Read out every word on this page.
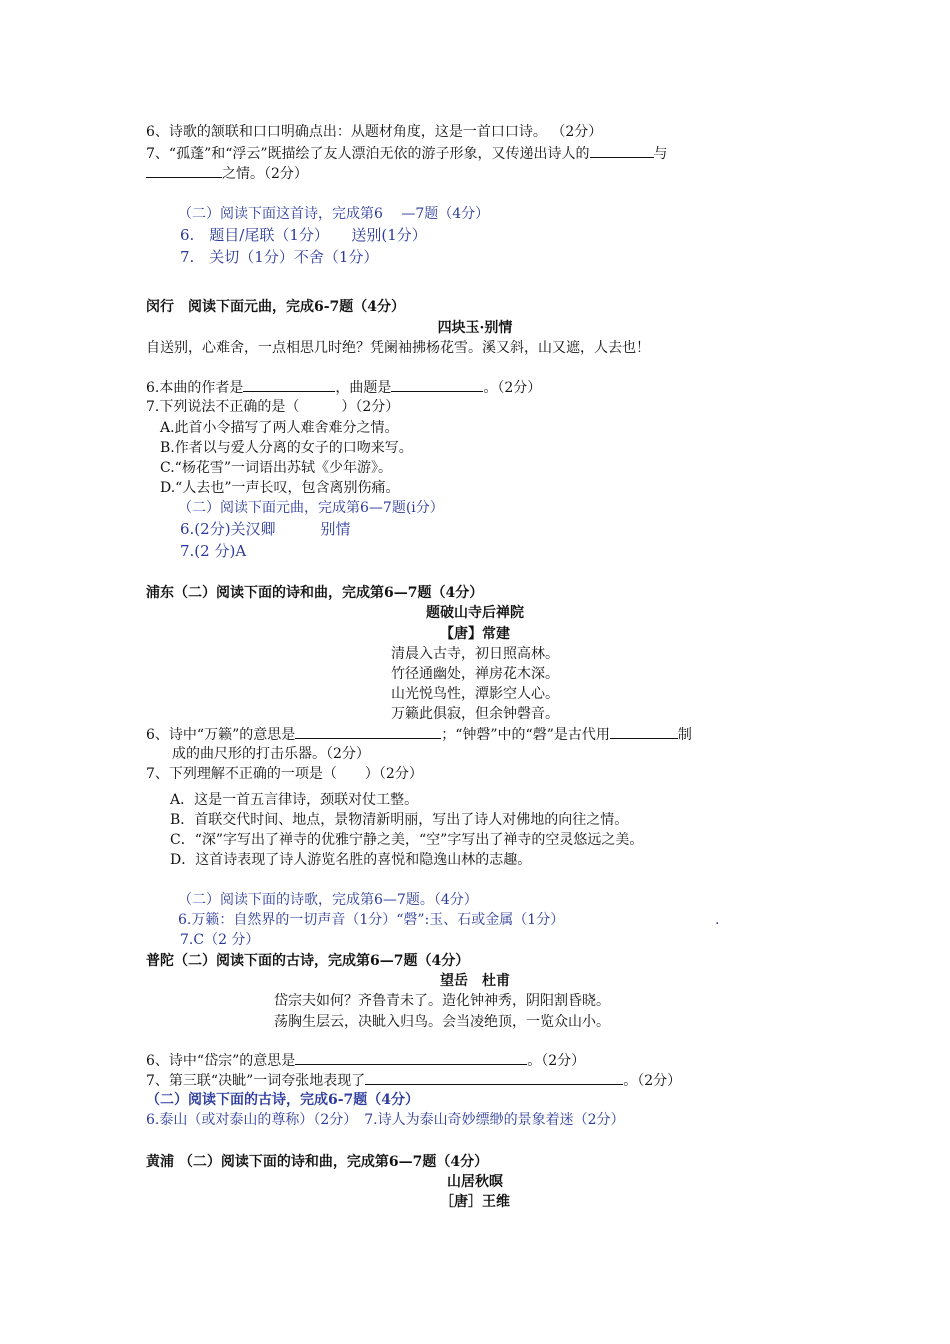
6、诗歌的颔联和口口明确点出：从题材角度，这是一首口口诗。 （2分）
7、“孤蓬”和“浮云”既描绘了友人漂泊无依的游子形象，又传递出诗人的	与
之情。（2分）
（二）阅读下面这首诗，完成第6　 —7题（4分）
6.　题目/尾联（1分）　　送别(1分）
7.　关切（1分）不舍（1分）
闵行　阅读下面元曲，完成6-7题（4分）
四块玉·别情
自送别，心难舍，一点相思几时绝？凭阑袖拂杨花雪。溪又斜，山又遮，人去也！
6.本曲的作者是	，曲题是	。（2分）
7.下列说法不正确的是（　　　）（2分）
A.此首小令描写了两人难舍难分之情。
B.作者以与爱人分离的女子的口吻来写。
C.“杨花雪”一词语出苏轼《少年游》。
D.“人去也”一声长叹，包含离别伤痛。
（二）阅读下面元曲，完成第6—7题(i分）
6.(2分)关汉卿　　　别情
7.(2 分)A
浦东（二）阅读下面的诗和曲，完成第6—7题（4分）
题破山寺后禅院
【唐】常建
清晨入古寺，初日照高林。
竹径通幽处，禅房花木深。
山光悦鸟性，潭影空人心。
万籁此俱寂，但余钟磬音。
6、诗中“万籁”的意思是	；“钟磬”中的“磬”是古代用	制
成的曲尺形的打击乐器。（2分）
7、下列理解不正确的一项是（　　）（2分）
A．这是一首五言律诗，颈联对仗工整。
B．首联交代时间、地点，景物清新明丽，写出了诗人对佛地的向往之情。
C．“深”字写出了禅寺的优雅宁静之美，“空”字写出了禅寺的空灵悠远之美。
D．这首诗表现了诗人游览名胜的喜悦和隐逸山林的志趣。
（二）阅读下面的诗歌，完成第6—7题。（4分）
6.万籁：自然界的一切声音（1分）“磬”:玉、石或金属（1分）	.
7.C（2 分）
普陀（二）阅读下面的古诗，完成第6—7题（4分）
望岳　杜甫
岱宗夫如何？齐鲁青未了。造化钟神秀，阴阳割昏晓。
荡胸生层云，决眦入归鸟。会当凌绝顶，一览众山小。
6、诗中“岱宗”的意思是	。（2分）
7、第三联“决眦”一词夸张地表现了	。（2分）
（二）阅读下面的古诗，完成6-7题（4分）
6.泰山（或对泰山的尊称）（2分）　7.诗人为泰山奇妙缥缈的景象着迷（2分）
黄浦 （二）阅读下面的诗和曲，完成第6—7题（4分）
山居秋暝
［唐］王维
